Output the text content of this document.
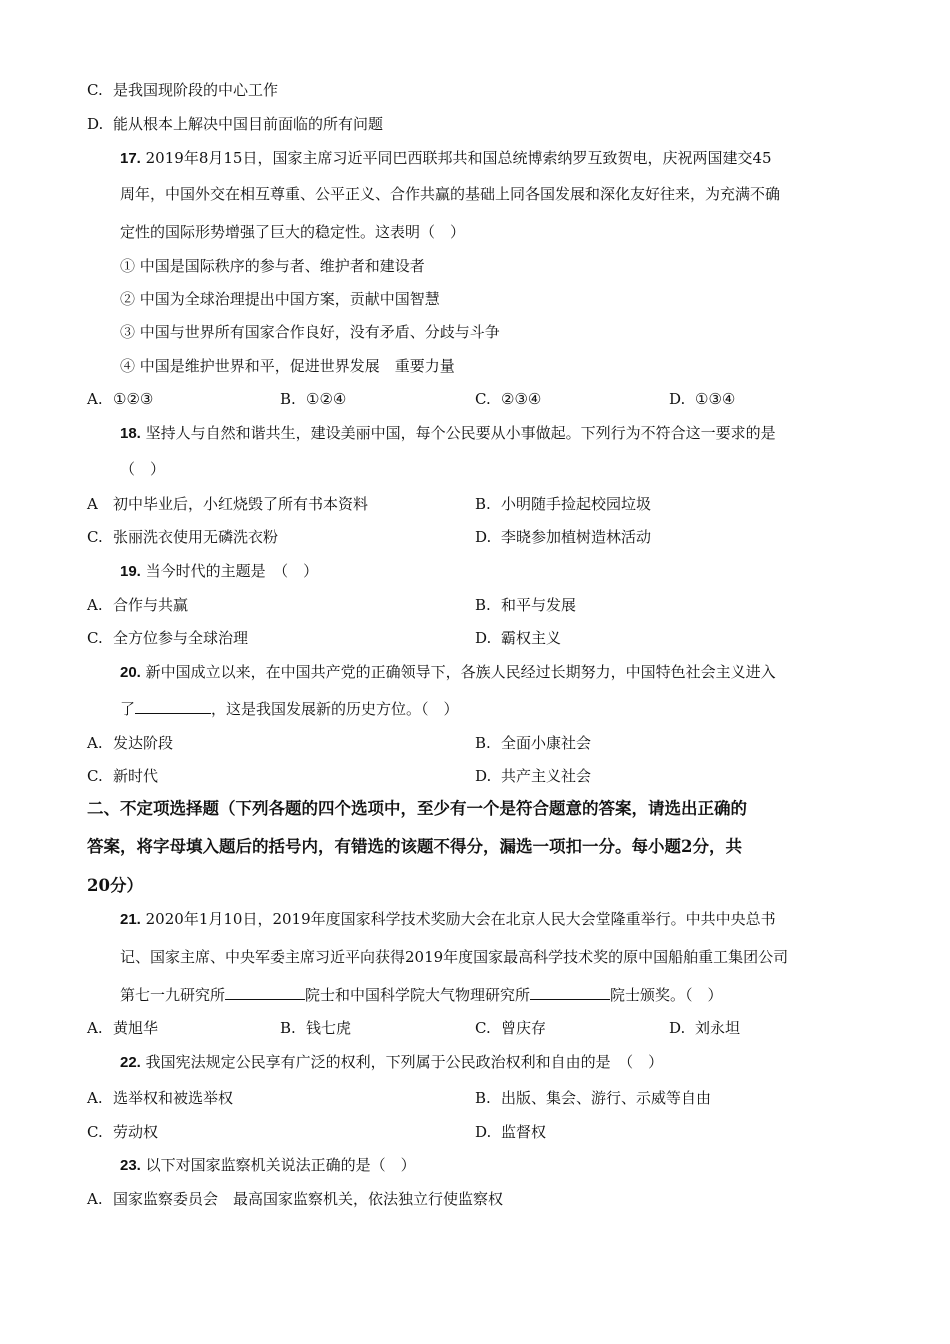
C. 是我国现阶段的中心工作
D. 能从根本上解决中国目前面临的所有问题
17. 2019年8月15日，国家主席习近平同巴西联邦共和国总统博索纳罗互致贺电，庆祝两国建交45
周年，中国外交在相互尊重、公平正义、合作共赢的基础上同各国发展和深化友好往来，为充满不确
定性的国际形势增强了巨大的稳定性。这表明（　）
① 中国是国际秩序的参与者、维护者和建设者
② 中国为全球治理提出中国方案，贡献中国智慧
③ 中国与世界所有国家合作良好，没有矛盾、分歧与斗争
④ 中国是维护世界和平，促进世界发展　重要力量
A. ①②③	B. ①②④	C. ②③④	D. ①③④
18. 坚持人与自然和谐共生，建设美丽中国，每个公民要从小事做起。下列行为不符合这一要求的是
（　）
A 初中毕业后，小红烧毁了所有书本资料	B. 小明随手捡起校园垃圾
C. 张丽洗衣使用无磷洗衣粉	D. 李晓参加植树造林活动
19. 当今时代的主题是　（　）
A. 合作与共赢	B. 和平与发展
C. 全方位参与全球治理	D. 霸权主义
20. 新中国成立以来，在中国共产党的正确领导下，各族人民经过长期努力，中国特色社会主义进入
了	，这是我国发展新的历史方位。（　）
A. 发达阶段	B. 全面小康社会
C. 新时代	D. 共产主义社会
二、不定项选择题（下列各题的四个选项中，至少有一个是符合题意的答案，请选出正确的
答案，将字母填入题后的括号内，有错选的该题不得分，漏选一项扣一分。每小题2分，共
20分）
21. 2020年1月10日，2019年度国家科学技术奖励大会在北京人民大会堂隆重举行。中共中央总书
记、国家主席、中央军委主席习近平向获得2019年度国家最高科学技术奖的原中国船舶重工集团公司
第七一九研究所	院士和中国科学院大气物理研究所	院士颁奖。（　）
A. 黄旭华	B. 钱七虎	C. 曾庆存	D. 刘永坦
22. 我国宪法规定公民享有广泛的权利，下列属于公民政治权利和自由的是　（　）
A. 选举权和被选举权	B. 出版、集会、游行、示威等自由
C. 劳动权	D. 监督权
23. 以下对国家监察机关说法正确的是（　）
A. 国家监察委员会　最高国家监察机关，依法独立行使监察权
